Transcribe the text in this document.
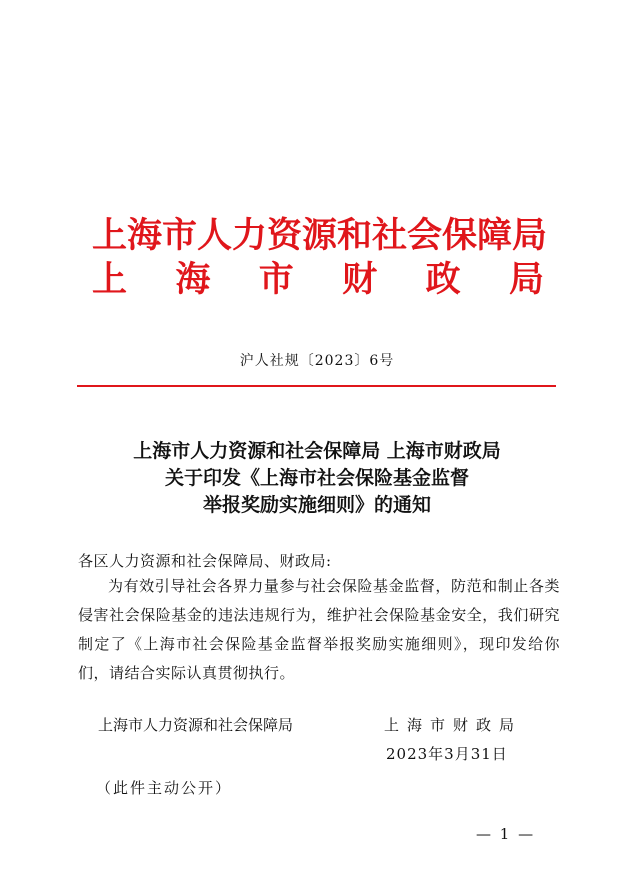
上海市人力资源和社会保障局
上 海 市 财 政 局
沪人社规〔2023〕6号
上海市人力资源和社会保障局 上海市财政局
关于印发《上海市社会保险基金监督
举报奖励实施细则》的通知
各区人力资源和社会保障局、财政局:
为有效引导社会各界力量参与社会保险基金监督，防范和制止各类侵害社会保险基金的违法违规行为，维护社会保险基金安全，我们研究制定了《上海市社会保险基金监督举报奖励实施细则》，现印发给你们，请结合实际认真贯彻执行。
上海市人力资源和社会保障局	上海市财政局
2023年3月31日
（此件主动公开）
— 1 —
